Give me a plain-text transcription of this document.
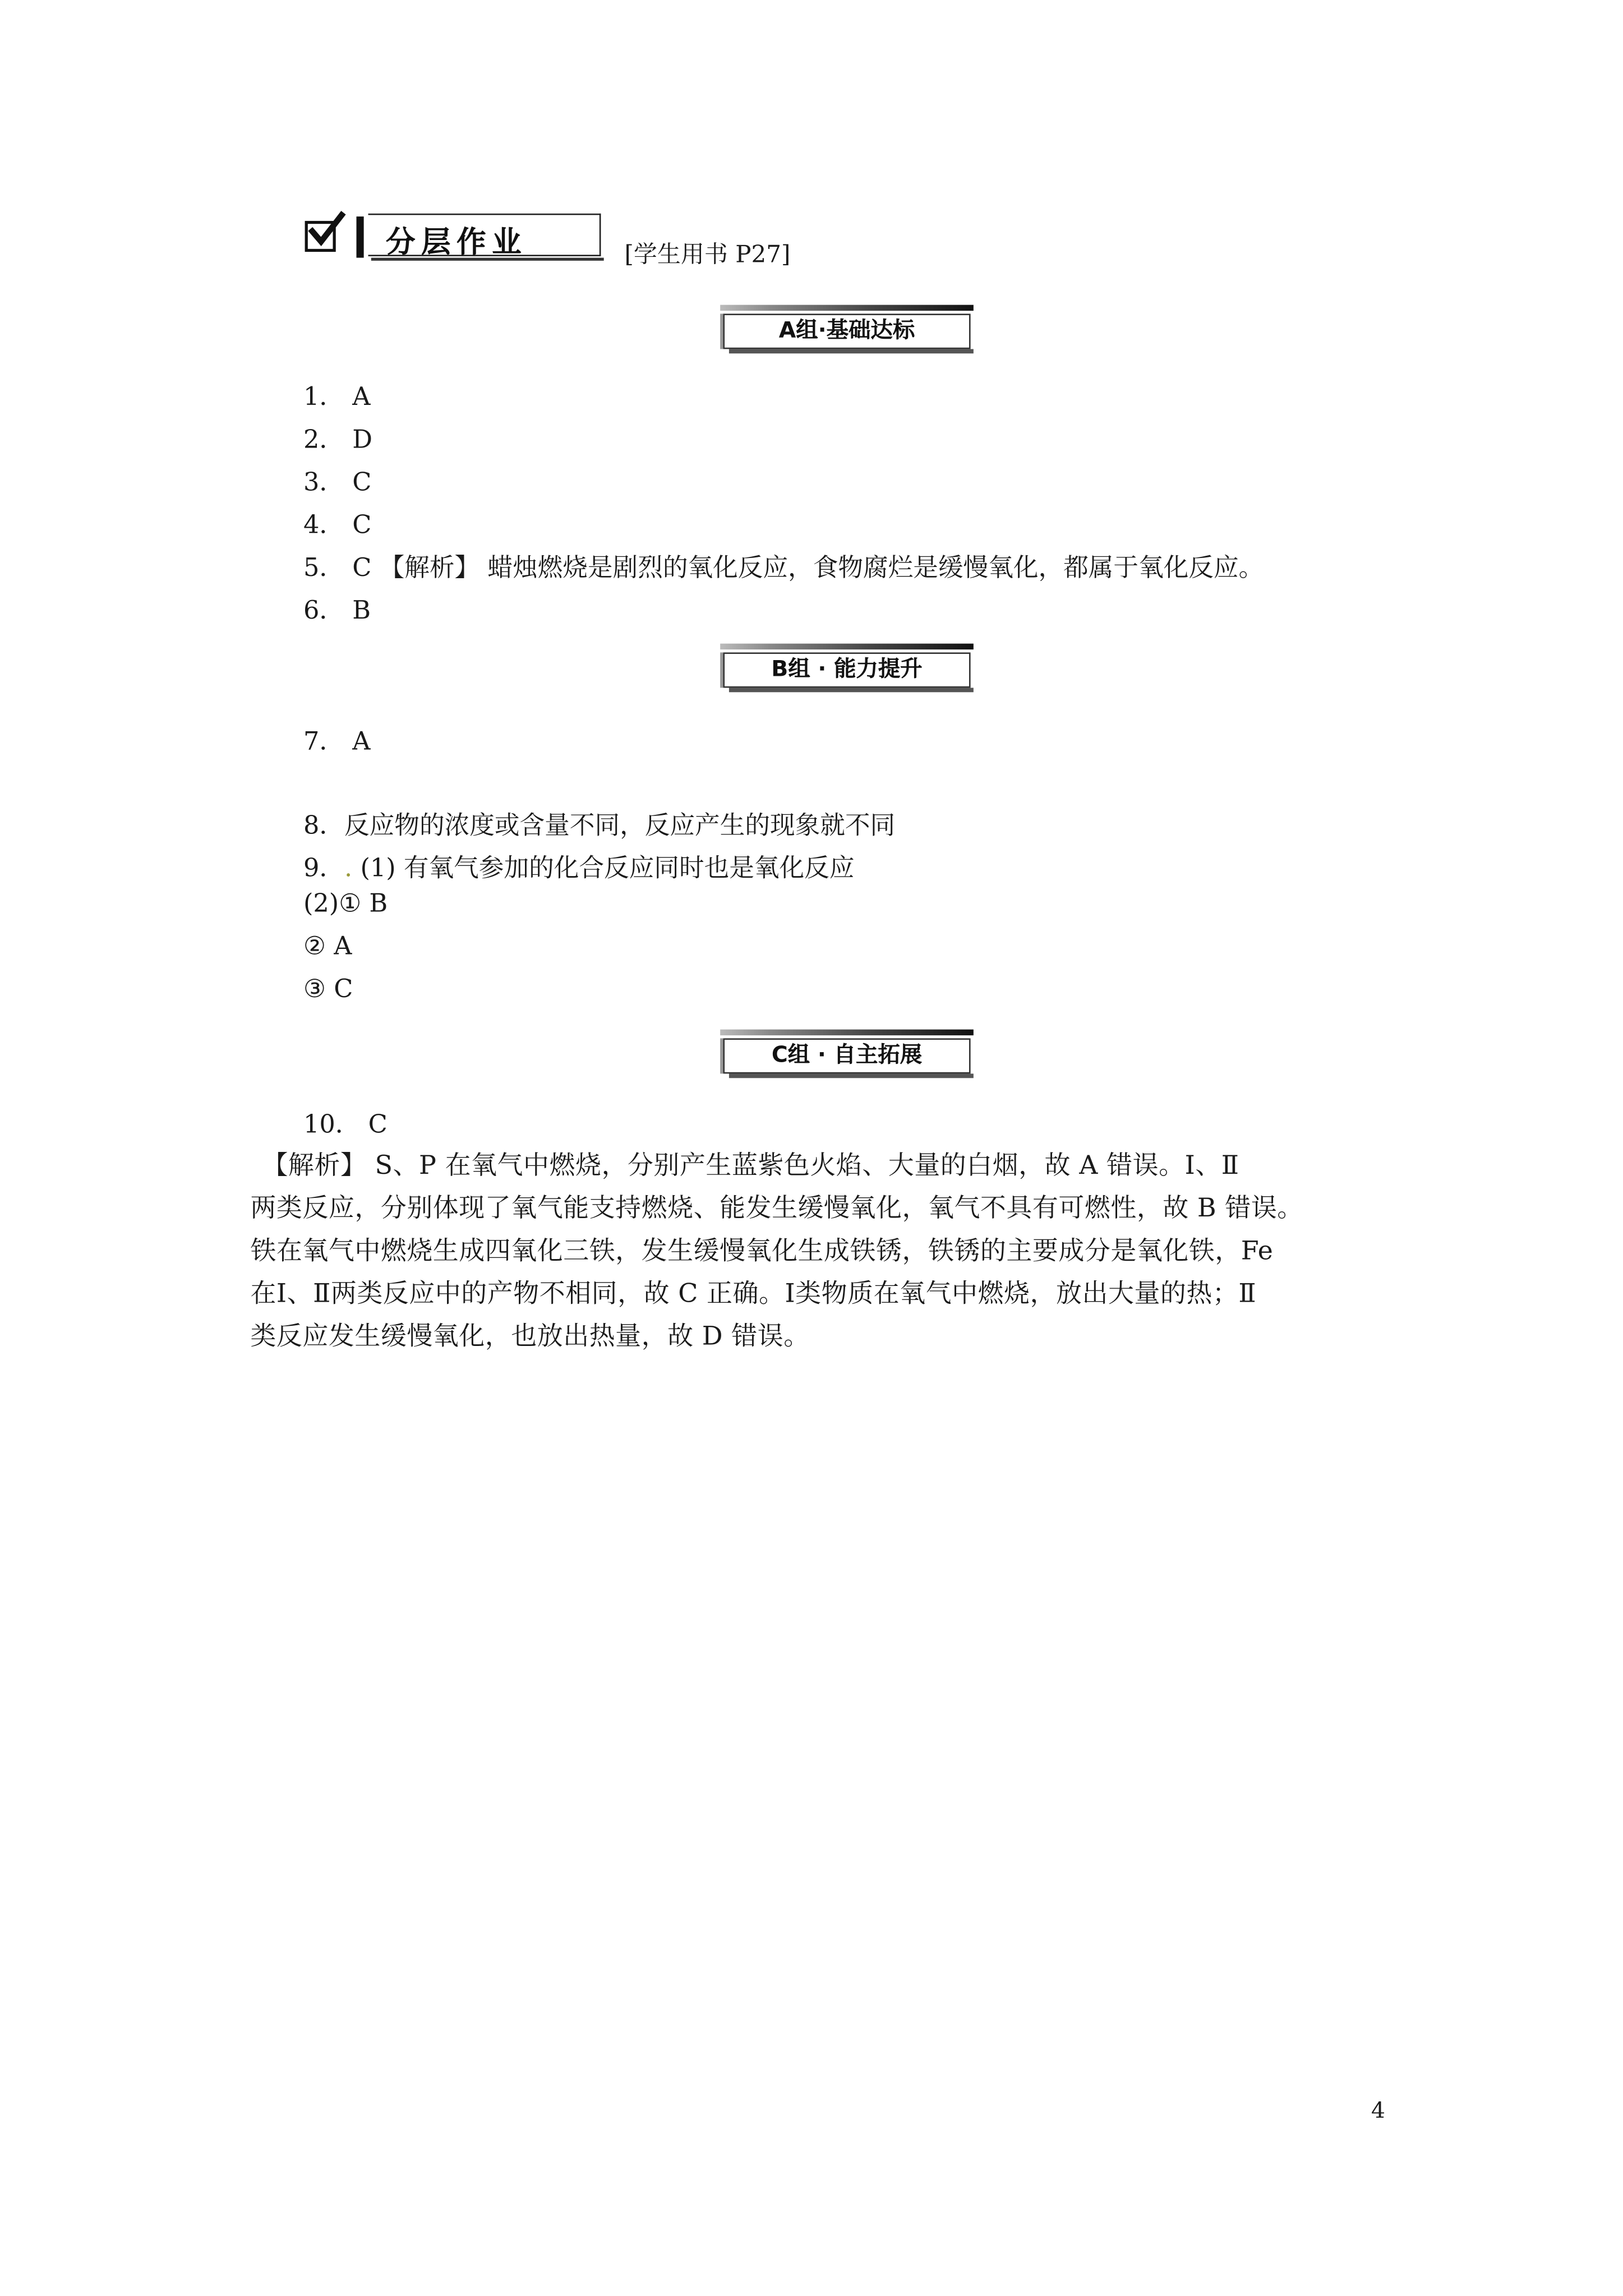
分层作业	[学生用书 P27]
A组·基础达标
1． A
2． D
3． C
4． C
5． C 【解析】 蜡烛燃烧是剧烈的氧化反应，食物腐烂是缓慢氧化，都属于氧化反应。
6． B
B组 · 能力提升
7． A
8．反应物的浓度或含量不同，反应产生的现象就不同
9．. (1) 有氧气参加的化合反应同时也是氧化反应
(2)① B
② A
③ C
C组 · 自主拓展
10． C
【解析】 S、P 在氧气中燃烧，分别产生蓝紫色火焰、大量的白烟，故 A 错误。Ⅰ、Ⅱ
两类反应，分别体现了氧气能支持燃烧、能发生缓慢氧化，氧气不具有可燃性，故 B 错误。
铁在氧气中燃烧生成四氧化三铁，发生缓慢氧化生成铁锈，铁锈的主要成分是氧化铁，Fe
在Ⅰ、Ⅱ两类反应中的产物不相同，故 C 正确。Ⅰ类物质在氧气中燃烧，放出大量的热；Ⅱ
类反应发生缓慢氧化，也放出热量，故 D 错误。
4
